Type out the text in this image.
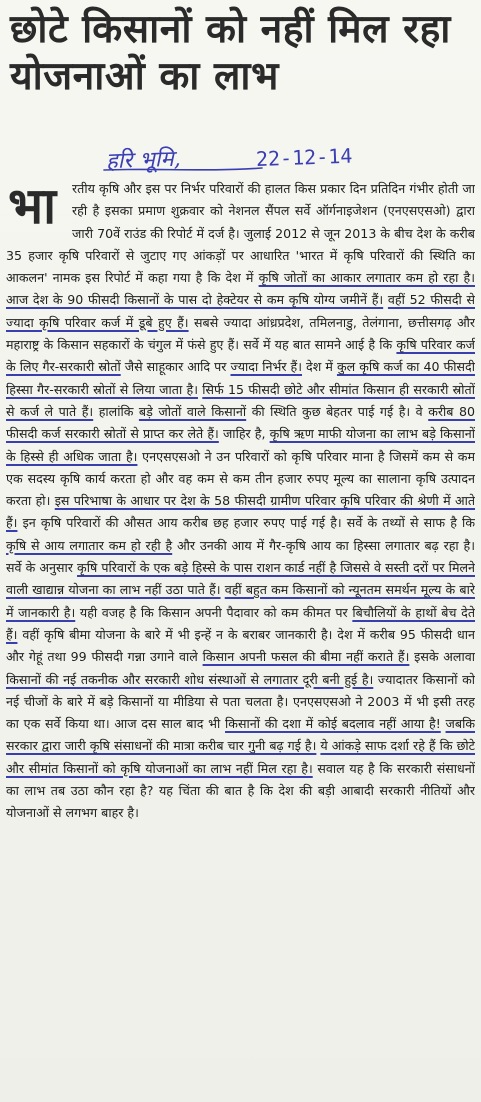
छोटे किसानों को नहीं मिल रहा योजनाओं का लाभ
हरि भूमि,	22-12-14
भा	रतीय कृषि और इस पर निर्भर परिवारों की हालत किस प्रकार दिन प्रतिदिन गंभीर होती जा रही है इसका प्रमाण शुक्रवार को नेशनल सैंपल सर्वे ऑर्गनाइजेशन (एनएसएसओ) द्वारा जारी 70वें राउंड की रिपोर्ट में दर्ज है। जुलाई 2012 से जून 2013 के बीच देश के करीब 35 हजार कृषि परिवारों से जुटाए गए आंकड़ों पर आधारित 'भारत में कृषि परिवारों की स्थिति का आकलन' नामक इस रिपोर्ट में कहा गया है कि देश में कृषि जोतों का आकार लगातार कम हो रहा है। आज देश के 90 फीसदी किसानों के पास दो हेक्टेयर से कम कृषि योग्य जमीनें हैं। वहीं 52 फीसदी से ज्यादा कृषि परिवार कर्ज में डूबे हुए हैं। सबसे ज्यादा आंध्रप्रदेश, तमिलनाडु, तेलंगाना, छत्तीसगढ़ और महाराष्ट्र के किसान सहकारों के चंगुल में फंसे हुए हैं। सर्वे में यह बात सामने आई है कि कृषि परिवार कर्ज के लिए गैर-सरकारी स्रोतों जैसे साहूकार आदि पर ज्यादा निर्भर हैं। देश में कुल कृषि कर्ज का 40 फीसदी हिस्सा गैर-सरकारी स्रोतों से लिया जाता है। सिर्फ 15 फीसदी छोटे और सीमांत किसान ही सरकारी स्रोतों से कर्ज ले पाते हैं। हालांकि बड़े जोतों वाले किसानों की स्थिति कुछ बेहतर पाई गई है। वे करीब 80 फीसदी कर्ज सरकारी स्रोतों से प्राप्त कर लेते हैं। जाहिर है, कृषि ऋण माफी योजना का लाभ बड़े किसानों के हिस्से ही अधिक जाता है। एनएसएसओ ने उन परिवारों को कृषि परिवार माना है जिसमें कम से कम एक सदस्य कृषि कार्य करता हो और वह कम से कम तीन हजार रुपए मूल्य का सालाना कृषि उत्पादन करता हो। इस परिभाषा के आधार पर देश के 58 फीसदी ग्रामीण परिवार कृषि परिवार की श्रेणी में आते हैं। इन कृषि परिवारों की औसत आय करीब छह हजार रुपए पाई गई है। सर्वे के तथ्यों से साफ है कि कृषि से आय लगातार कम हो रही है और उनकी आय में गैर-कृषि आय का हिस्सा लगातार बढ़ रहा है। सर्वे के अनुसार कृषि परिवारों के एक बड़े हिस्से के पास राशन कार्ड नहीं है जिससे वे सस्ती दरों पर मिलने वाली खाद्यान्न योजना का लाभ नहीं उठा पाते हैं। वहीं बहुत कम किसानों को न्यूनतम समर्थन मूल्य के बारे में जानकारी है। यही वजह है कि किसान अपनी पैदावार को कम कीमत पर बिचौलियों के हाथों बेच देते हैं। वहीं कृषि बीमा योजना के बारे में भी इन्हें न के बराबर जानकारी है। देश में करीब 95 फीसदी धान और गेहूं तथा 99 फीसदी गन्ना उगाने वाले किसान अपनी फसल की बीमा नहीं कराते हैं। इसके अलावा किसानों की नई तकनीक और सरकारी शोध संस्थाओं से लगातार दूरी बनी हुई है। ज्यादातर किसानों को नई चीजों के बारे में बड़े किसानों या मीडिया से पता चलता है। एनएसएसओ ने 2003 में भी इसी तरह का एक सर्वे किया था। आज दस साल बाद भी किसानों की दशा में कोई बदलाव नहीं आया है! जबकि सरकार द्वारा जारी कृषि संसाधनों की मात्रा करीब चार गुनी बढ़ गई है। ये आंकड़े साफ दर्शा रहे हैं कि छोटे और सीमांत किसानों को कृषि योजनाओं का लाभ नहीं मिल रहा है। सवाल यह है कि सरकारी संसाधनों का लाभ तब उठा कौन रहा है? यह चिंता की बात है कि देश की बड़ी आबादी सरकारी नीतियों और योजनाओं से लगभग बाहर है।
